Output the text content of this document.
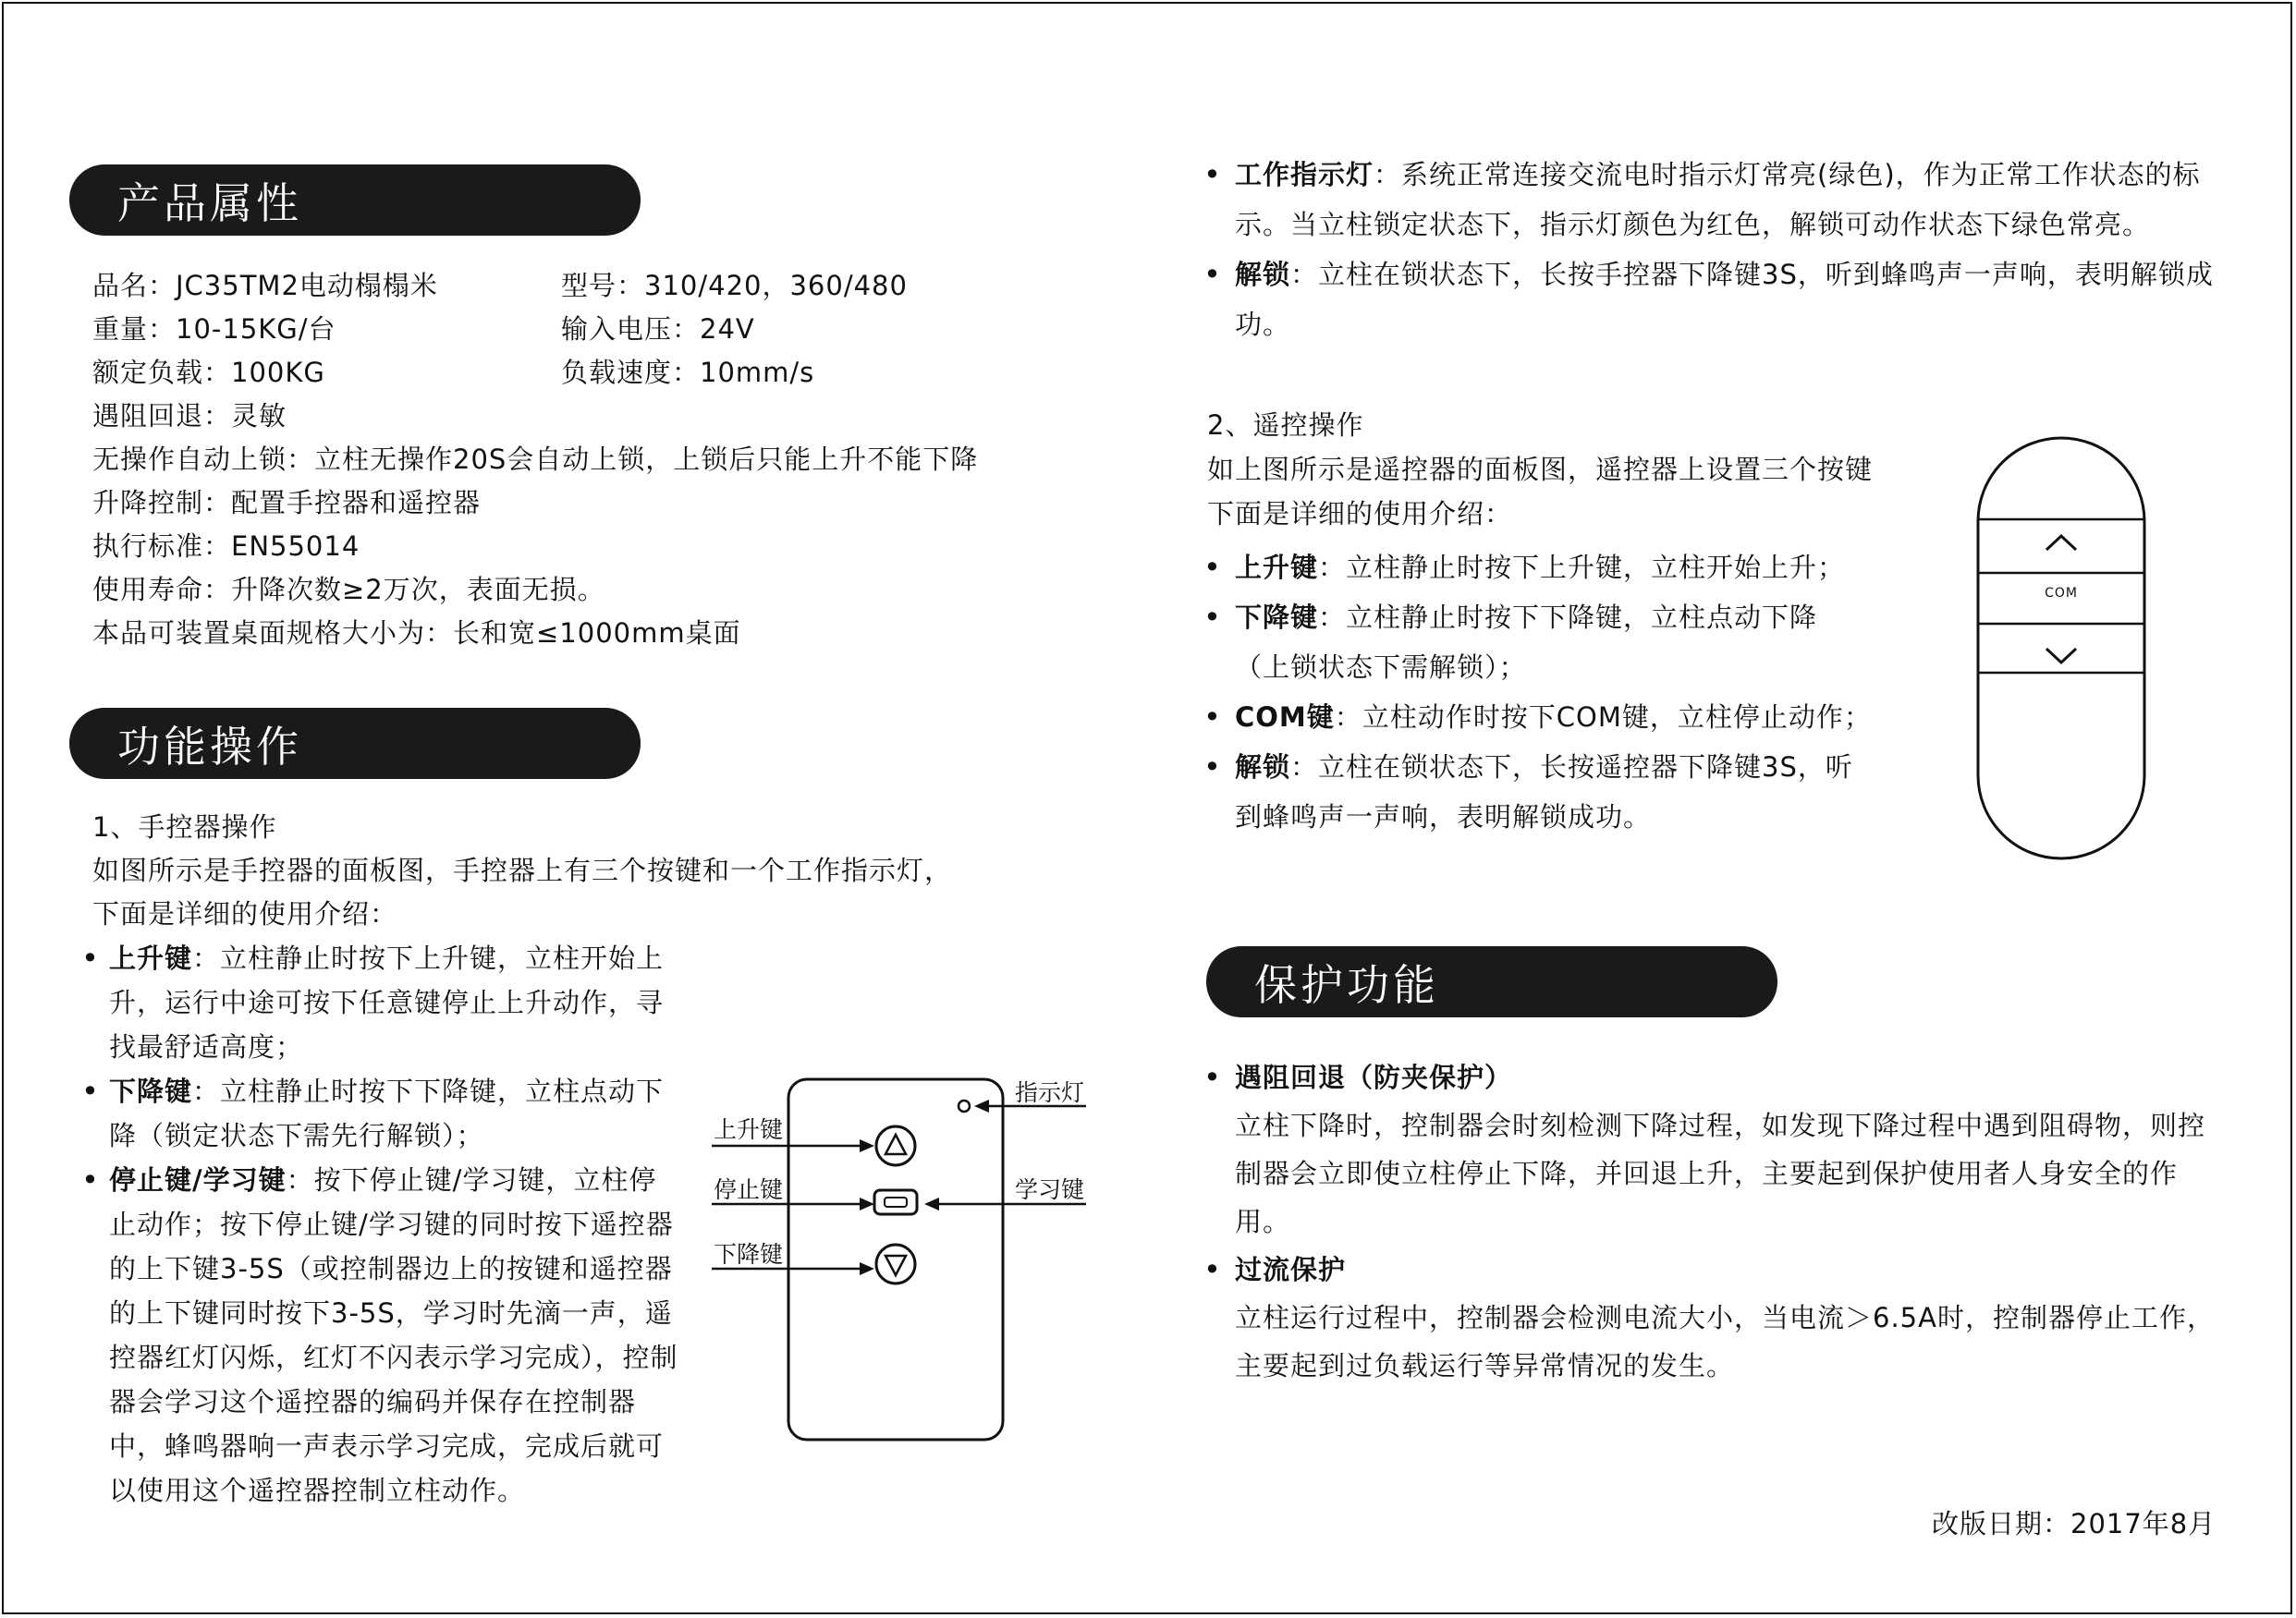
产品属性
品名：JC35TM2电动榻榻米	型号：310/420，360/480
重量：10-15KG/台	输入电压：24V
额定负载：100KG	负载速度：10mm/s
遇阻回退：灵敏
无操作自动上锁：立柱无操作20S会自动上锁，上锁后只能上升不能下降
升降控制：配置手控器和遥控器
执行标准：EN55014
使用寿命：升降次数≥2万次，表面无损。
本品可装置桌面规格大小为：长和宽≤1000mm桌面
功能操作
1、手控器操作
如图所示是手控器的面板图，手控器上有三个按键和一个工作指示灯，
下面是详细的使用介绍：
• 上升键：立柱静止时按下上升键，立柱开始上升，运行中途可按下任意键停止上升动作，寻找最舒适高度；
• 下降键：立柱静止时按下下降键，立柱点动下降（锁定状态下需先行解锁）；
• 停止键/学习键：按下停止键/学习键，立柱停止动作；按下停止键/学习键的同时按下遥控器的上下键3-5S（或控制器边上的按键和遥控器的上下键同时按下3-5S，学习时先滴一声，遥控器红灯闪烁，红灯不闪表示学习完成），控制器会学习这个遥控器的编码并保存在控制器中，蜂鸣器响一声表示学习完成，完成后就可以使用这个遥控器控制立柱动作。
上升键
停止键
下降键
指示灯
学习键
• 工作指示灯：系统正常连接交流电时指示灯常亮(绿色)，作为正常工作状态的标示。当立柱锁定状态下，指示灯颜色为红色，解锁可动作状态下绿色常亮。
• 解锁：立柱在锁状态下，长按手控器下降键3S，听到蜂鸣声一声响，表明解锁成功。
2、遥控操作
如上图所示是遥控器的面板图，遥控器上设置三个按键
下面是详细的使用介绍：
• 上升键：立柱静止时按下上升键，立柱开始上升；
• 下降键：立柱静止时按下下降键，立柱点动下降
（上锁状态下需解锁）；
• COM键：立柱动作时按下COM键，立柱停止动作；
• 解锁：立柱在锁状态下，长按遥控器下降键3S，听
到蜂鸣声一声响，表明解锁成功。
COM
保护功能
• 遇阻回退（防夹保护）
立柱下降时，控制器会时刻检测下降过程，如发现下降过程中遇到阻碍物，则控制器会立即使立柱停止下降，并回退上升，主要起到保护使用者人身安全的作用。
• 过流保护
立柱运行过程中，控制器会检测电流大小，当电流＞6.5A时，控制器停止工作，主要起到过负载运行等异常情况的发生。
改版日期：2017年8月
